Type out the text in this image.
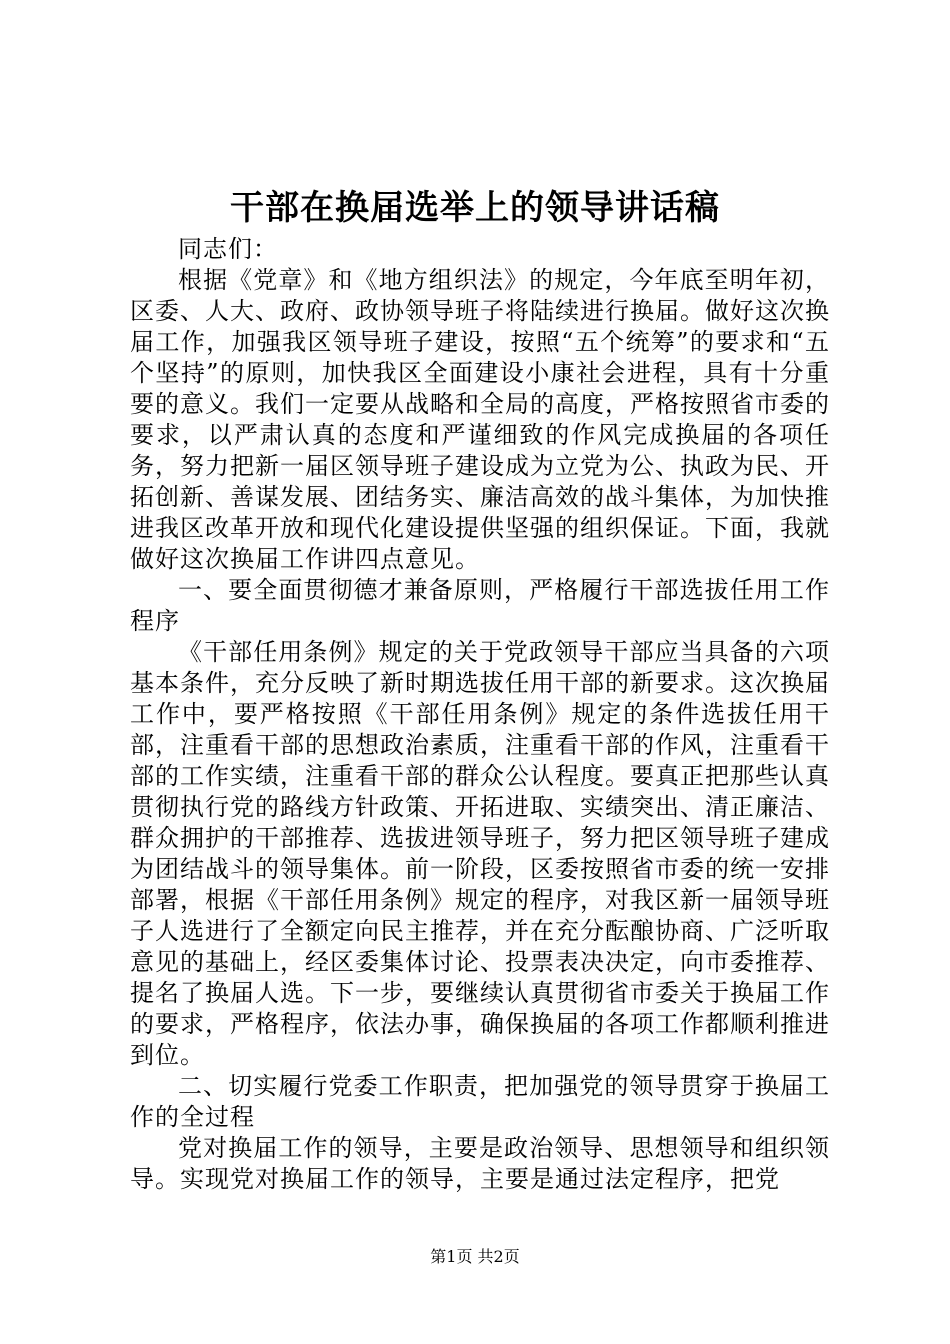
干部在换届选举上的领导讲话稿

同志们：

根据《党章》和《地方组织法》的规定，今年底至明年初，区委、人大、政府、政协领导班子将陆续进行换届。做好这次换届工作，加强我区领导班子建设，按照“五个统筹”的要求和“五个坚持”的原则，加快我区全面建设小康社会进程，具有十分重要的意义。我们一定要从战略和全局的高度，严格按照省市委的要求，以严肃认真的态度和严谨细致的作风完成换届的各项任务，努力把新一届区领导班子建设成为立党为公、执政为民、开拓创新、善谋发展、团结务实、廉洁高效的战斗集体，为加快推进我区改革开放和现代化建设提供坚强的组织保证。下面，我就做好这次换届工作讲四点意见。

一、要全面贯彻德才兼备原则，严格履行干部选拔任用工作程序

《干部任用条例》规定的关于党政领导干部应当具备的六项基本条件，充分反映了新时期选拔任用干部的新要求。这次换届工作中，要严格按照《干部任用条例》规定的条件选拔任用干部，注重看干部的思想政治素质，注重看干部的作风，注重看干部的工作实绩，注重看干部的群众公认程度。要真正把那些认真贯彻执行党的路线方针政策、开拓进取、实绩突出、清正廉洁、群众拥护的干部推荐、选拔进领导班子，努力把区领导班子建成为团结战斗的领导集体。前一阶段，区委按照省市委的统一安排部署，根据《干部任用条例》规定的程序，对我区新一届领导班子人选进行了全额定向民主推荐，并在充分酝酿协商、广泛听取意见的基础上，经区委集体讨论、投票表决决定，向市委推荐、提名了换届人选。下一步，要继续认真贯彻省市委关于换届工作的要求，严格程序，依法办事，确保换届的各项工作都顺利推进到位。

二、切实履行党委工作职责，把加强党的领导贯穿于换届工作的全过程

党对换届工作的领导，主要是政治领导、思想领导和组织领导。实现党对换届工作的领导，主要是通过法定程序，把党

第1页 共2页
